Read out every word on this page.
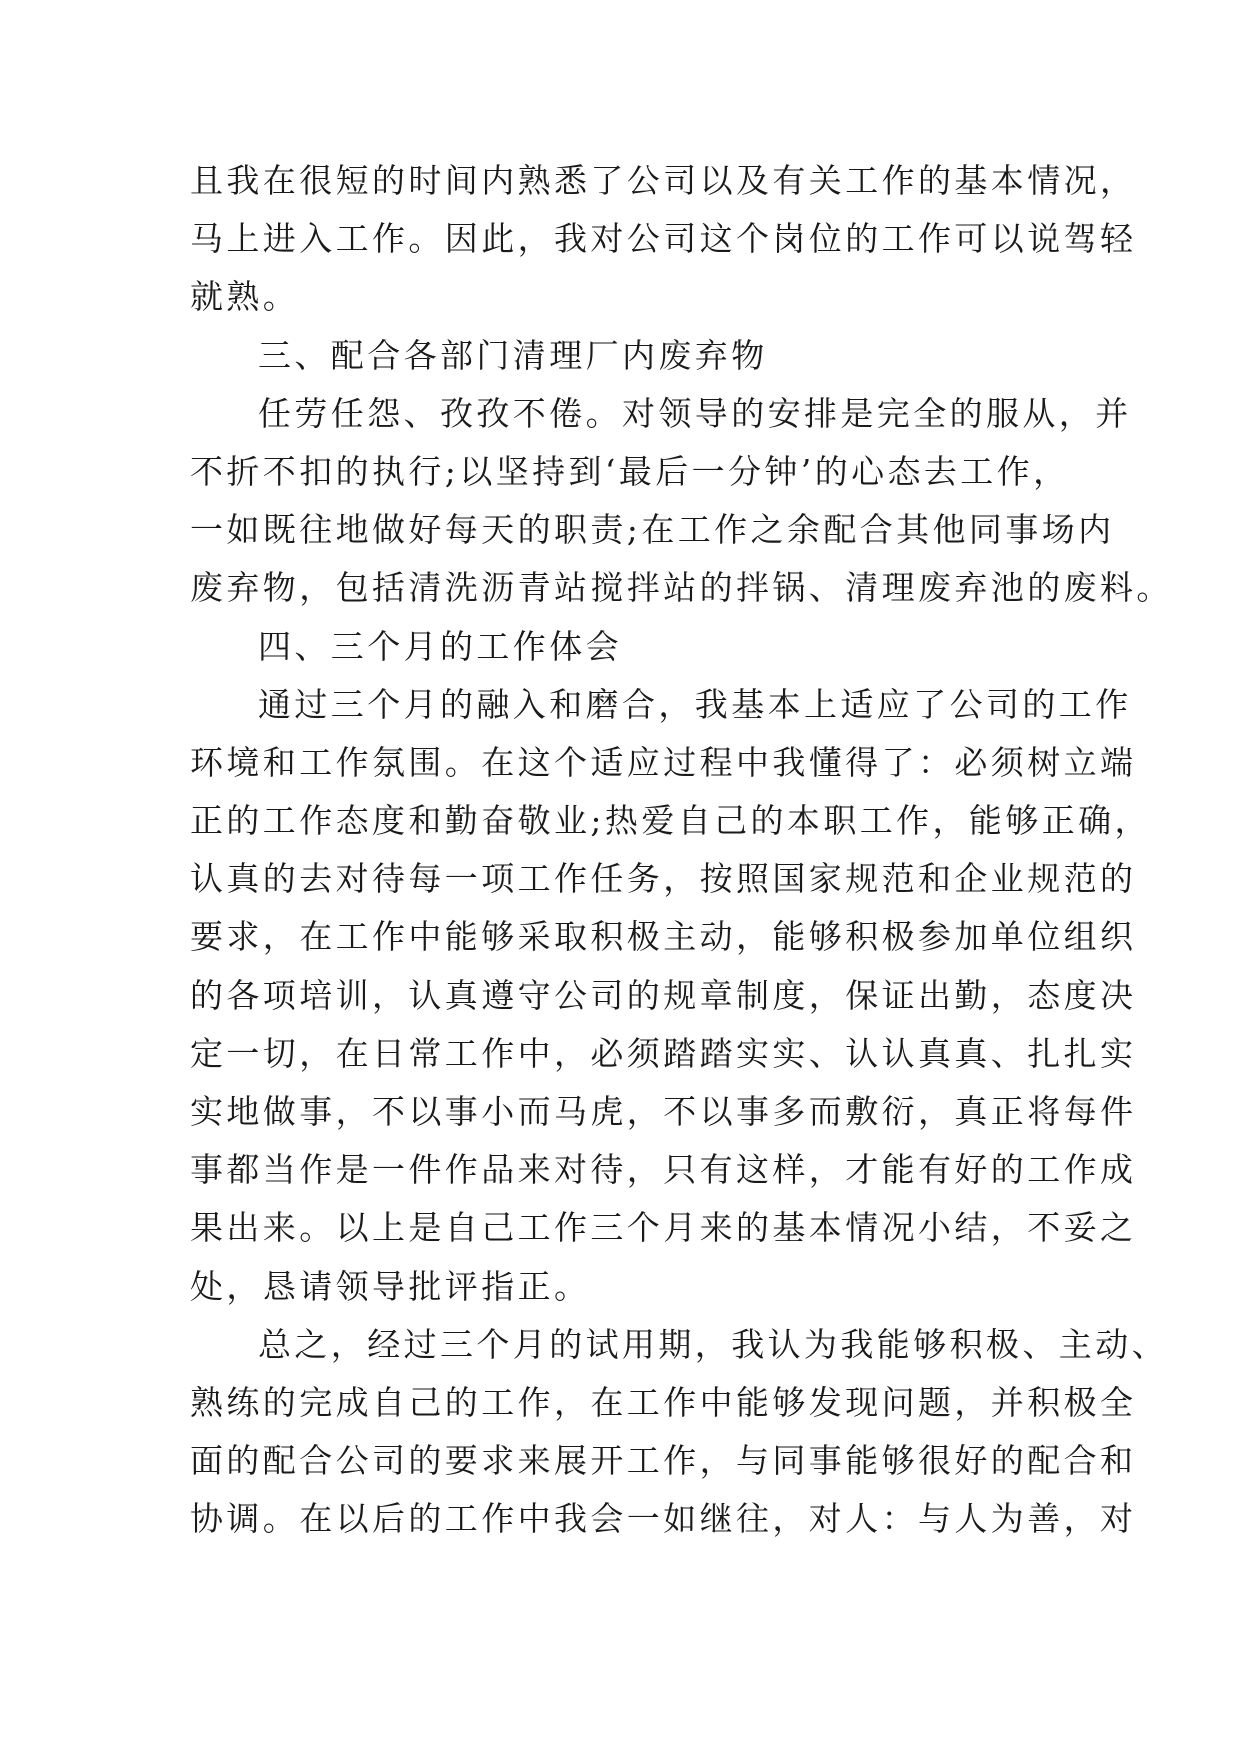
且我在很短的时间内熟悉了公司以及有关工作的基本情况，
马上进入工作。因此，我对公司这个岗位的工作可以说驾轻
就熟。
三、配合各部门清理厂内废弃物
任劳任怨、孜孜不倦。对领导的安排是完全的服从，并
不折不扣的执行;以坚持到‘最后一分钟’的心态去工作，
一如既往地做好每天的职责;在工作之余配合其他同事场内
废弃物，包括清洗沥青站搅拌站的拌锅、清理废弃池的废料。
四、三个月的工作体会
通过三个月的融入和磨合，我基本上适应了公司的工作
环境和工作氛围。在这个适应过程中我懂得了：必须树立端
正的工作态度和勤奋敬业;热爱自己的本职工作，能够正确，
认真的去对待每一项工作任务，按照国家规范和企业规范的
要求，在工作中能够采取积极主动，能够积极参加单位组织
的各项培训，认真遵守公司的规章制度，保证出勤，态度决
定一切，在日常工作中，必须踏踏实实、认认真真、扎扎实
实地做事，不以事小而马虎，不以事多而敷衍，真正将每件
事都当作是一件作品来对待，只有这样，才能有好的工作成
果出来。以上是自己工作三个月来的基本情况小结，不妥之
处，恳请领导批评指正。
总之，经过三个月的试用期，我认为我能够积极、主动、
熟练的完成自己的工作，在工作中能够发现问题，并积极全
面的配合公司的要求来展开工作，与同事能够很好的配合和
协调。在以后的工作中我会一如继往，对人：与人为善，对
